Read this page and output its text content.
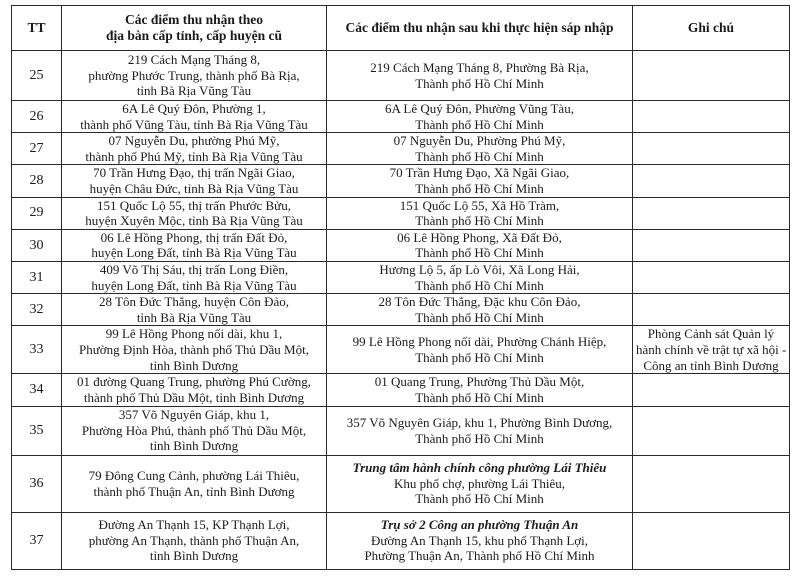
TT	Các điểm thu nhận theo
địa bàn cấp tỉnh, cấp huyện cũ	Các điểm thu nhận sau khi thực hiện sáp nhập	Ghi chú
25	219 Cách Mạng Tháng 8,
phường Phước Trung, thành phố Bà Rịa,
tỉnh Bà Rịa Vũng Tàu	219 Cách Mạng Tháng 8, Phường Bà Rịa,
Thành phố Hồ Chí Minh	

26	6A Lê Quý Đôn, Phường 1,
thành phố Vũng Tàu, tỉnh Bà Rịa Vũng Tàu	6A Lê Quý Đôn, Phường Vũng Tàu,
Thành phố Hồ Chí Minh	

27	07 Nguyễn Du, phường Phú Mỹ,
thành phố Phú Mỹ, tỉnh Bà Rịa Vũng Tàu	07 Nguyễn Du, Phường Phú Mỹ,
Thành phố Hồ Chí Minh	

28	70 Trần Hưng Đạo, thị trấn Ngãi Giao,
huyện Châu Đức, tỉnh Bà Rịa Vũng Tàu	70 Trần Hưng Đạo, Xã Ngãi Giao,
Thành phố Hồ Chí Minh	

29	151 Quốc Lộ 55, thị trấn Phước Bửu,
huyện Xuyên Mộc, tỉnh Bà Rịa Vũng Tàu	151 Quốc Lộ 55, Xã Hồ Tràm,
Thành phố Hồ Chí Minh	

30	06 Lê Hồng Phong, thị trấn Đất Đỏ,
huyện Long Đất, tỉnh Bà Rịa Vũng Tàu	06 Lê Hồng Phong, Xã Đất Đỏ,
Thành phố Hồ Chí Minh	

31	409 Võ Thị Sáu, thị trấn Long Điền,
huyện Long Đất, tỉnh Bà Rịa Vũng Tàu	Hương Lộ 5, ấp Lò Vôi, Xã Long Hải,
Thành phố Hồ Chí Minh	

32	28 Tôn Đức Thắng, huyện Côn Đảo,
tỉnh Bà Rịa Vũng Tàu	28 Tôn Đức Thắng, Đặc khu Côn Đảo,
Thành phố Hồ Chí Minh	

33	99 Lê Hồng Phong nối dài, khu 1,
Phường Định Hòa, thành phố Thủ Dầu Một,
tỉnh Bình Dương	99 Lê Hồng Phong nối dài, Phường Chánh Hiệp,
Thành phố Hồ Chí Minh	Phòng Cảnh sát Quản lý
hành chính về trật tự xã hội -
Công an tỉnh Bình Dương

34	01 đường Quang Trung, phường Phú Cường,
thành phố Thủ Dầu Một, tỉnh Bình Dương	01 Quang Trung, Phường Thủ Dầu Một,
Thành phố Hồ Chí Minh	

35	357 Võ Nguyên Giáp, khu 1,
Phường Hòa Phú, thành phố Thủ Dầu Một,
tỉnh Bình Dương	357 Võ Nguyên Giáp, khu 1, Phường Bình Dương,
Thành phố Hồ Chí Minh	

36	79 Đông Cung Cảnh, phường Lái Thiêu,
thành phố Thuận An, tỉnh Bình Dương	Trung tâm hành chính công phường Lái Thiêu
Khu phố chợ, phường Lái Thiêu,
Thành phố Hồ Chí Minh	

37	Đường An Thạnh 15, KP Thạnh Lợi,
phường An Thạnh, thành phố Thuận An,
tỉnh Bình Dương	Trụ sở 2 Công an phường Thuận An
Đường An Thạnh 15, khu phố Thạnh Lợi,
Phường Thuận An, Thành phố Hồ Chí Minh	
